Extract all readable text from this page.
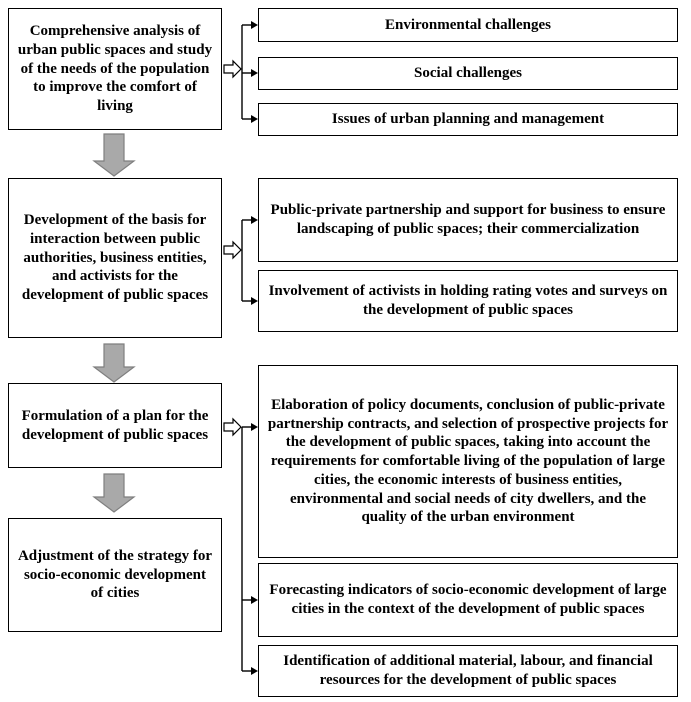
Comprehensive analysis of urban public spaces and study of the needs of the population to improve the comfort of living
Development of the basis for interaction between public authorities, business entities, and activists for the development of public spaces
Formulation of a plan for the development of public spaces
Adjustment of the strategy for socio-economic development of cities
Environmental challenges
Social challenges
Issues of urban planning and management
Public-private partnership and support for business to ensure landscaping of public spaces; their commercialization
Involvement of activists in holding rating votes and surveys on the development of public spaces
Elaboration of policy documents, conclusion of public-private partnership contracts, and selection of prospective projects for the development of public spaces, taking into account the requirements for comfortable living of the population of large cities, the economic interests of business entities, environmental and social needs of city dwellers, and the quality of the urban environment
Forecasting indicators of socio-economic development of large cities in the context of the development of public spaces
Identification of additional material, labour, and financial resources for the development of public spaces
